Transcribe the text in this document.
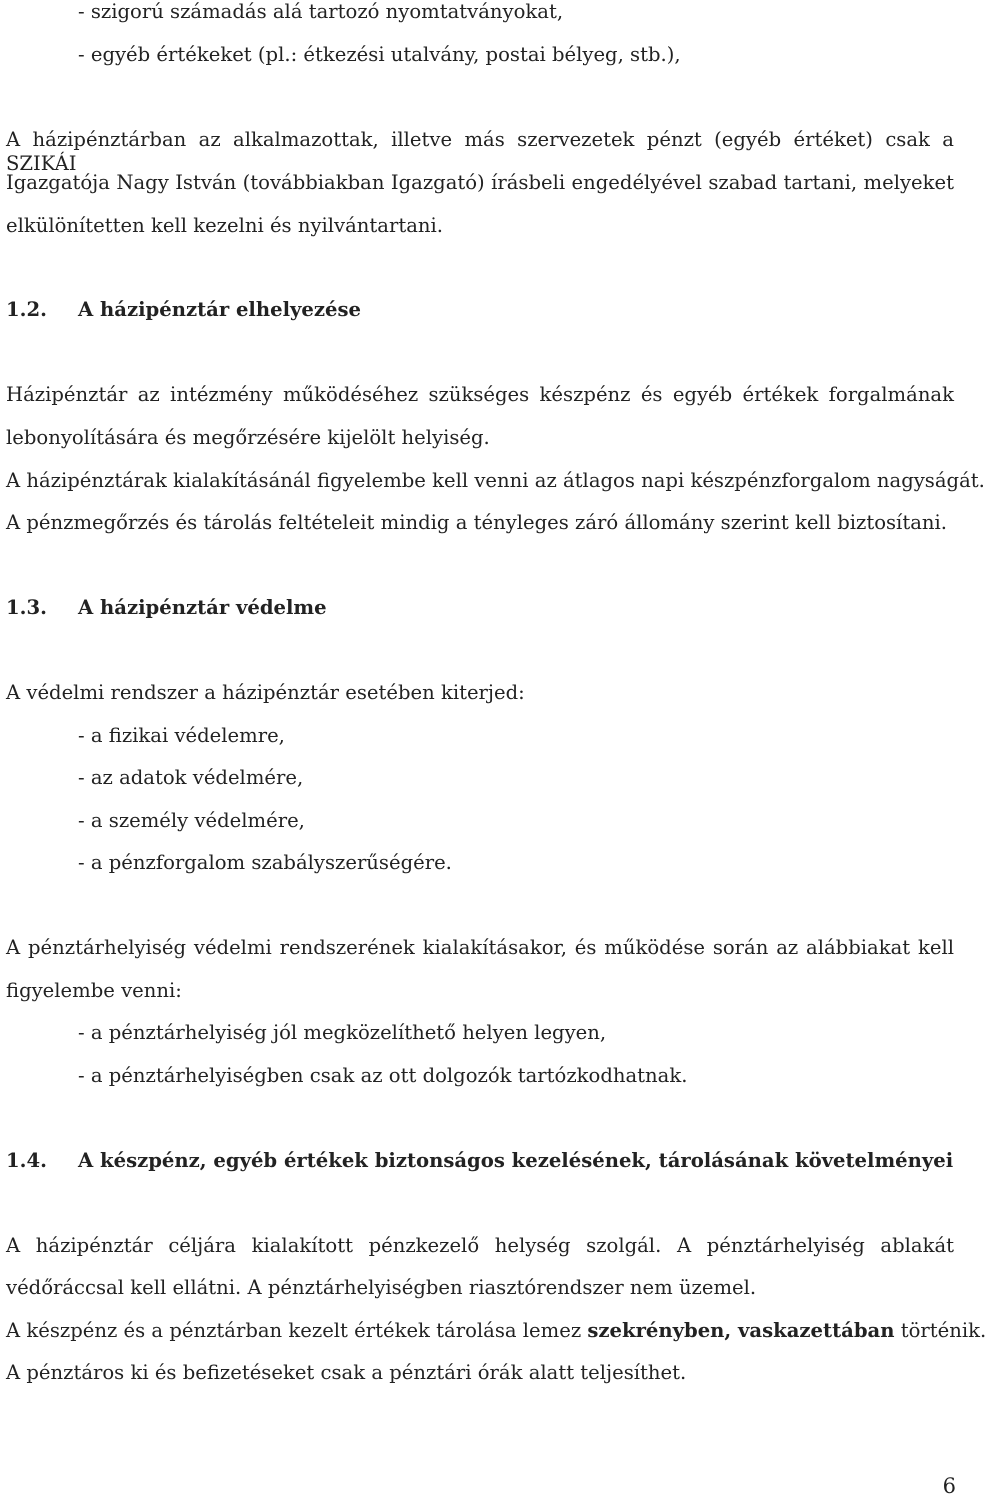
- szigorú számadás alá tartozó nyomtatványokat,
- egyéb értékeket (pl.: étkezési utalvány, postai bélyeg, stb.),
A házipénztárban az alkalmazottak, illetve más szervezetek pénzt (egyéb értéket) csak a SZIKÁI
Igazgatója Nagy István (továbbiakban Igazgató) írásbeli engedélyével szabad tartani, melyeket
elkülönítetten kell kezelni és nyilvántartani.
1.2. A házipénztár elhelyezése
Házipénztár az intézmény működéséhez szükséges készpénz és egyéb értékek forgalmának
lebonyolítására és megőrzésére kijelölt helyiség.
A házipénztárak kialakításánál figyelembe kell venni az átlagos napi készpénzforgalom nagyságát.
A pénzmegőrzés és tárolás feltételeit mindig a tényleges záró állomány szerint kell biztosítani.
1.3. A házipénztár védelme
A védelmi rendszer a házipénztár esetében kiterjed:
- a fizikai védelemre,
- az adatok védelmére,
- a személy védelmére,
- a pénzforgalom szabályszerűségére.
A pénztárhelyiség védelmi rendszerének kialakításakor, és működése során az alábbiakat kell
figyelembe venni:
- a pénztárhelyiség jól megközelíthető helyen legyen,
- a pénztárhelyiségben csak az ott dolgozók tartózkodhatnak.
1.4. A készpénz, egyéb értékek biztonságos kezelésének, tárolásának követelményei
A házipénztár céljára kialakított pénzkezelő helység szolgál. A pénztárhelyiség ablakát
védőráccsal kell ellátni. A pénztárhelyiségben riasztórendszer nem üzemel.
A készpénz és a pénztárban kezelt értékek tárolása lemez szekrényben, vaskazettában történik.
A pénztáros ki és befizetéseket csak a pénztári órák alatt teljesíthet.
6
